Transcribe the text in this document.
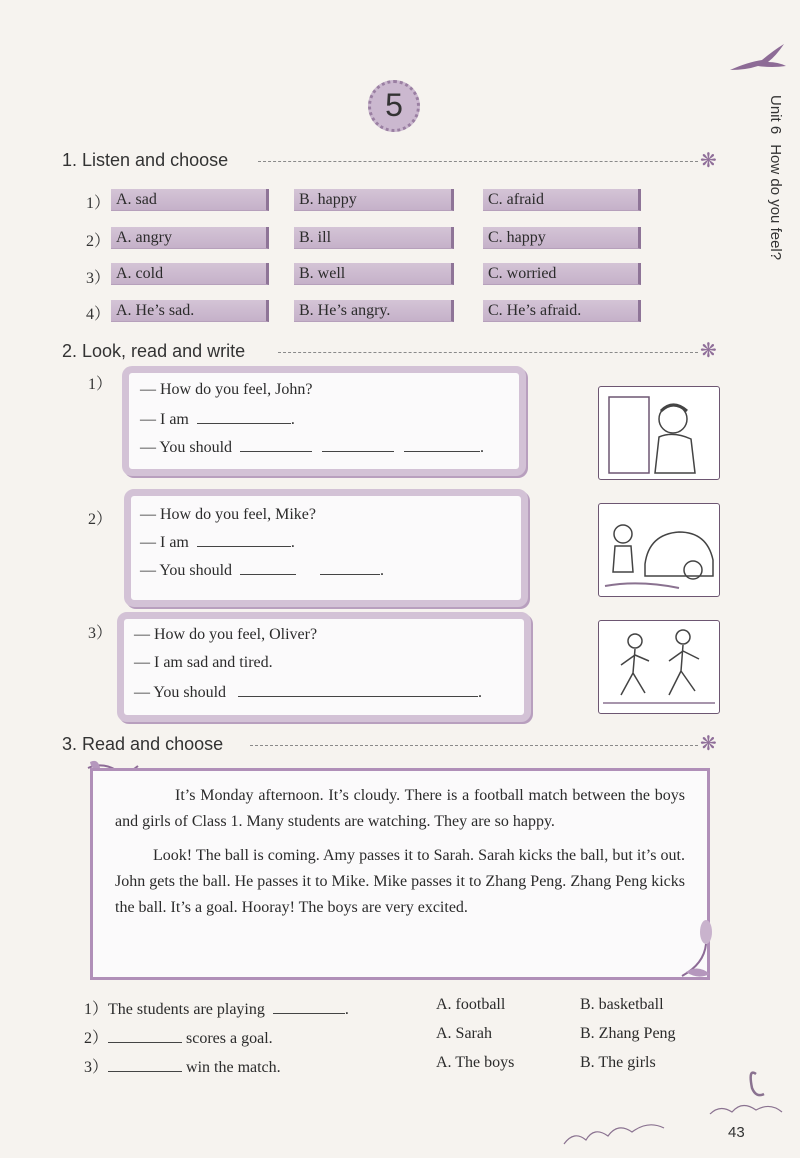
Unit 6How do you feel?
5
1. Listen and choose	❋
1） A. sad	B. happy	C. afraid
2） A. angry	B. ill	C. happy
3） A. cold	B. well	C. worried
4） A. He’s sad.	B. He’s angry.	C. He’s afraid.
2. Look, read and write	❋
1） — How do you feel, John?
— I am	.
— You should	.
2） — How do you feel, Mike?
— I am	.
— You should	.
3） — How do you feel, Oliver?
— I am sad and tired.
— You should	.
3. Read and choose	❋

It’s Monday afternoon. It’s cloudy. There is a football match between the boys and girls of Class 1. Many students are watching. They are so happy.

Look! The ball is coming. Amy passes it to Sarah. Sarah kicks the ball, but it’s out. John gets the ball. He passes it to Mike. Mike passes it to Zhang Peng. Zhang Peng kicks the ball. It’s a goal. Hooray! The boys are very excited.

1）The students are playing	.	A. football	B. basketball
2）	scores a goal.	A. Sarah	B. Zhang Peng
3）	win the match.	A. The boys	B. The girls
43
